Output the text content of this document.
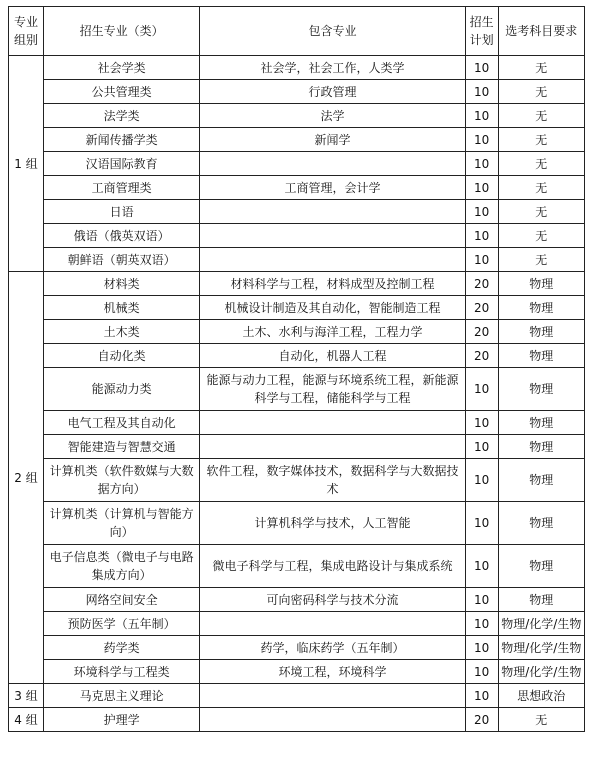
专业组别	招生专业（类）	包含专业	招生计划	选考科目要求
1 组	社会学类	社会学，社会工作，人类学	10	无
	公共管理类	行政管理	10	无
	法学类	法学	10	无
	新闻传播学类	新闻学	10	无
	汉语国际教育		10	无
	工商管理类	工商管理，会计学	10	无
	日语		10	无
	俄语（俄英双语）		10	无
	朝鲜语（朝英双语）		10	无
2 组	材料类	材料科学与工程，材料成型及控制工程	20	物理
	机械类	机械设计制造及其自动化，智能制造工程	20	物理
	土木类	土木、水利与海洋工程，工程力学	20	物理
	自动化类	自动化，机器人工程	20	物理
	能源动力类	能源与动力工程，能源与环境系统工程，新能源科学与工程，储能科学与工程	10	物理
	电气工程及其自动化		10	物理
	智能建造与智慧交通		10	物理
	计算机类（软件数媒与大数据方向）	软件工程，数字媒体技术，数据科学与大数据技术	10	物理
	计算机类（计算机与智能方向）	计算机科学与技术，人工智能	10	物理
	电子信息类（微电子与电路集成方向）	微电子科学与工程，集成电路设计与集成系统	10	物理
	网络空间安全	可向密码科学与技术分流	10	物理
	预防医学（五年制）		10	物理/化学/生物
	药学类	药学，临床药学（五年制）	10	物理/化学/生物
	环境科学与工程类	环境工程，环境科学	10	物理/化学/生物
3 组	马克思主义理论		10	思想政治
4 组	护理学		20	无
